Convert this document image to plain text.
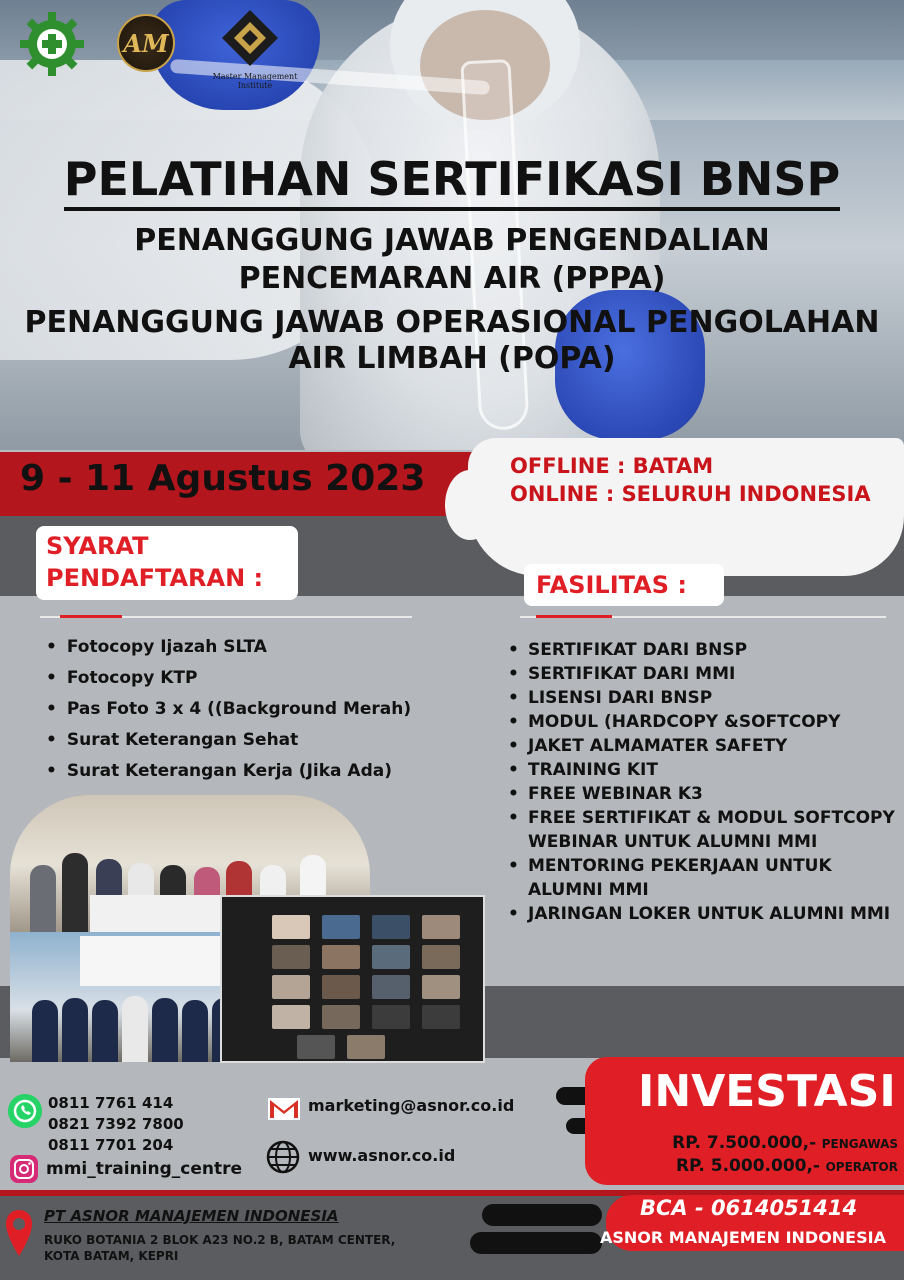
AM
Master Management Institute
PELATIHAN SERTIFIKASI BNSP
PENANGGUNG JAWAB PENGENDALIAN PENCEMARAN AIR (PPPA)
PENANGGUNG JAWAB OPERASIONAL PENGOLAHAN AIR LIMBAH (POPA)
9 - 11 Agustus 2023	OFFLINE : BATAM
ONLINE : SELURUH INDONESIA
SYARAT
PENDAFTARAN :
• Fotocopy Ijazah SLTA
• Fotocopy KTP
• Pas Foto 3 x 4 ((Background Merah)
• Surat Keterangan Sehat
• Surat Keterangan Kerja (Jika Ada)
FASILITAS :
• SERTIFIKAT DARI BNSP
• SERTIFIKAT DARI MMI
• LISENSI DARI BNSP
• MODUL (HARDCOPY &SOFTCOPY
• JAKET ALMAMATER SAFETY
• TRAINING KIT
• FREE WEBINAR K3
• FREE SERTIFIKAT & MODUL SOFTCOPY WEBINAR UNTUK ALUMNI MMI
• MENTORING PEKERJAAN UNTUK ALUMNI MMI
• JARINGAN LOKER UNTUK ALUMNI MMI
0811 7761 414
0821 7392 7800
0811 7701 204
mmi_training_centre
marketing@asnor.co.id
www.asnor.co.id
INVESTASI
RP. 7.500.000,- PENGAWAS
RP. 5.000.000,- OPERATOR
PT ASNOR MANAJEMEN INDONESIA
RUKO BOTANIA 2 BLOK A23 NO.2 B, BATAM CENTER,
KOTA BATAM, KEPRI
BCA - 0614051414
ASNOR MANAJEMEN INDONESIA
